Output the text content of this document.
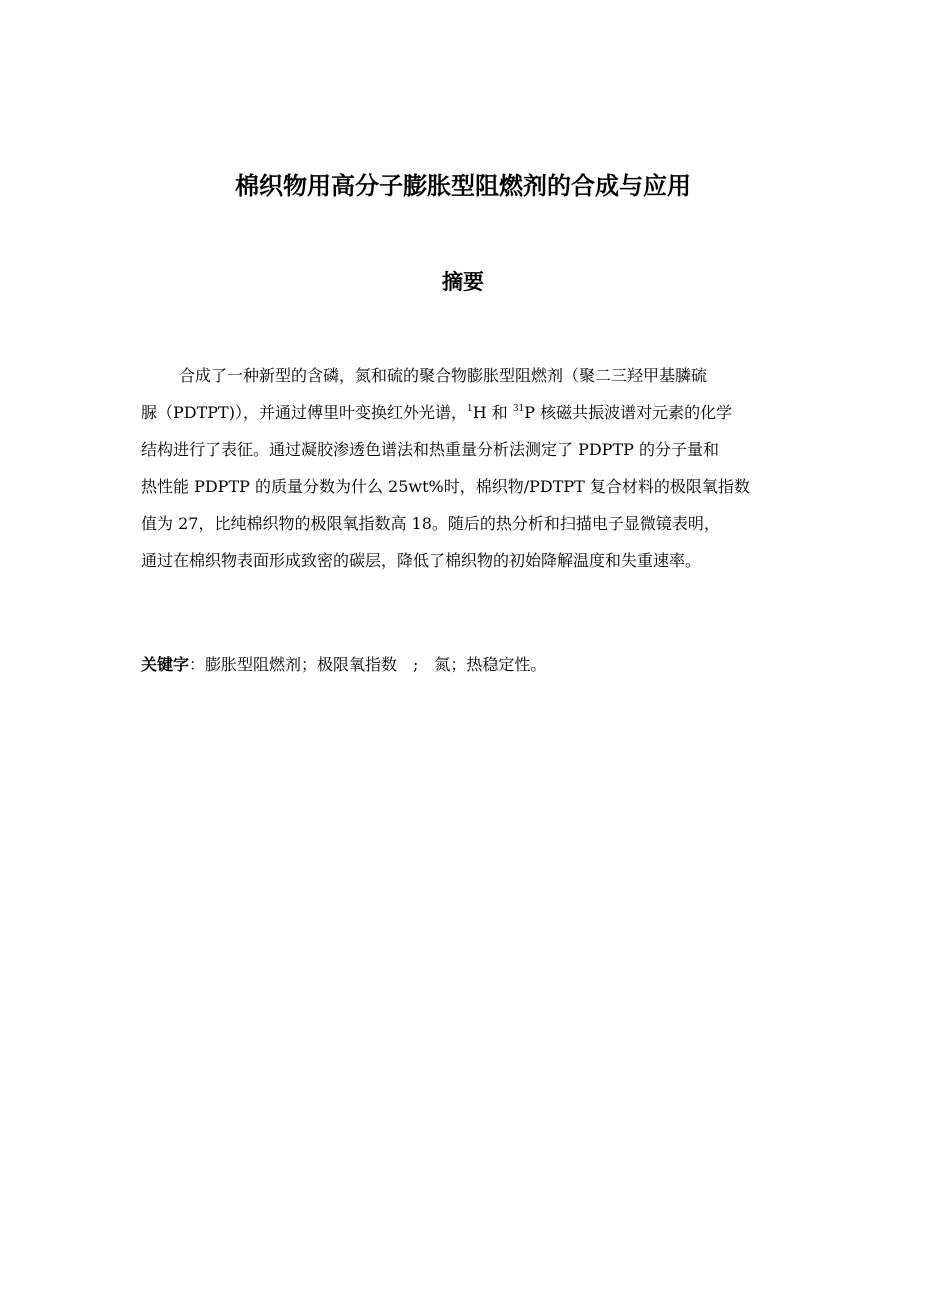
棉织物用高分子膨胀型阻燃剂的合成与应用
摘要
合成了一种新型的含磷，氮和硫的聚合物膨胀型阻燃剂（聚二三羟甲基膦硫
脲（PDTPT)），并通过傅里叶变换红外光谱，$^1$H 和 $^{31}$P 核磁共振波谱对元素的化学
结构进行了表征。通过凝胶渗透色谱法和热重量分析法测定了 PDPTP 的分子量和
热性能 PDPTP 的质量分数为什么 25wt%时，棉织物/PDTPT 复合材料的极限氧指数
值为 27，比纯棉织物的极限氧指数高 18。随后的热分析和扫描电子显微镜表明，
通过在棉织物表面形成致密的碳层，降低了棉织物的初始降解温度和失重速率。
关键字：膨胀型阻燃剂；极限氧指数　;　氮；热稳定性。
